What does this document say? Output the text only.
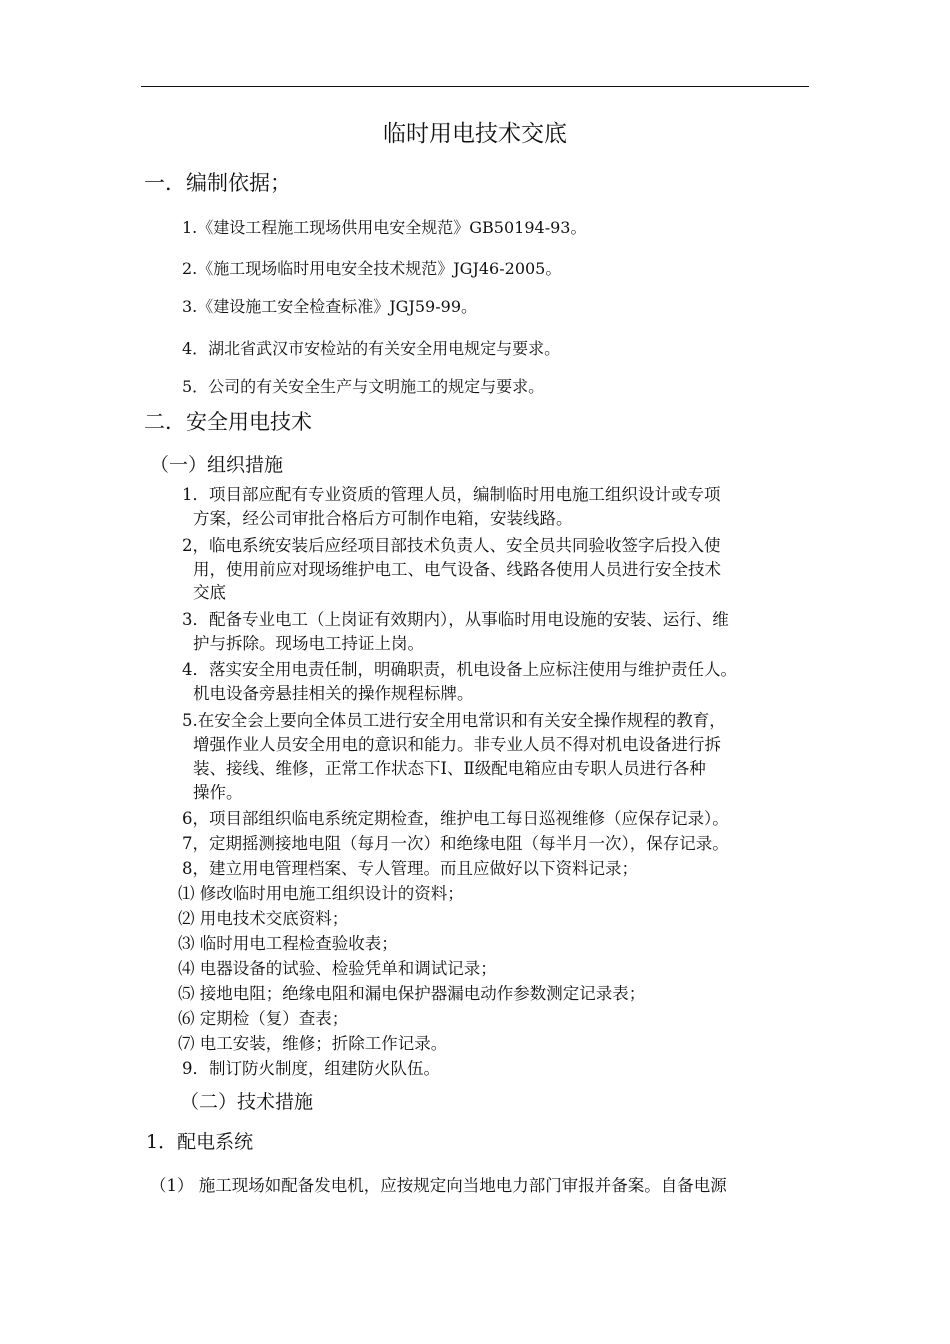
临时用电技术交底
一．编制依据；
1.《建设工程施工现场供用电安全规范》GB50194-93。
2.《施工现场临时用电安全技术规范》JGJ46-2005。
3.《建设施工安全检查标准》JGJ59-99。
4．湖北省武汉市安检站的有关安全用电规定与要求。
5．公司的有关安全生产与文明施工的规定与要求。
二．安全用电技术
（一）组织措施
1．项目部应配有专业资质的管理人员，编制临时用电施工组织设计或专项
方案，经公司审批合格后方可制作电箱，安装线路。
2，临电系统安装后应经项目部技术负责人、安全员共同验收签字后投入使
用，使用前应对现场维护电工、电气设备、线路各使用人员进行安全技术
交底
3．配备专业电工（上岗证有效期内），从事临时用电设施的安装、运行、维
护与拆除。现场电工持证上岗。
4．落实安全用电责任制，明确职责，机电设备上应标注使用与维护责任人。
机电设备旁悬挂相关的操作规程标牌。
5.在安全会上要向全体员工进行安全用电常识和有关安全操作规程的教育，
增强作业人员安全用电的意识和能力。非专业人员不得对机电设备进行拆
装、接线、维修，正常工作状态下Ⅰ、Ⅱ级配电箱应由专职人员进行各种
操作。
6，项目部组织临电系统定期检查，维护电工每日巡视维修（应保存记录）。
7，定期摇测接地电阻（每月一次）和绝缘电阻（每半月一次），保存记录。
8，建立用电管理档案、专人管理。而且应做好以下资料记录；
⑴ 修改临时用电施工组织设计的资料；
⑵ 用电技术交底资料；
⑶ 临时用电工程检查验收表；
⑷ 电器设备的试验、检验凭单和调试记录；
⑸ 接地电阻；绝缘电阻和漏电保护器漏电动作参数测定记录表；
⑹ 定期检（复）查表；
⑺ 电工安装，维修；折除工作记录。
9．制订防火制度，组建防火队伍。
（二）技术措施
1．配电系统
（1） 施工现场如配备发电机，应按规定向当地电力部门审报并备案。自备电源
